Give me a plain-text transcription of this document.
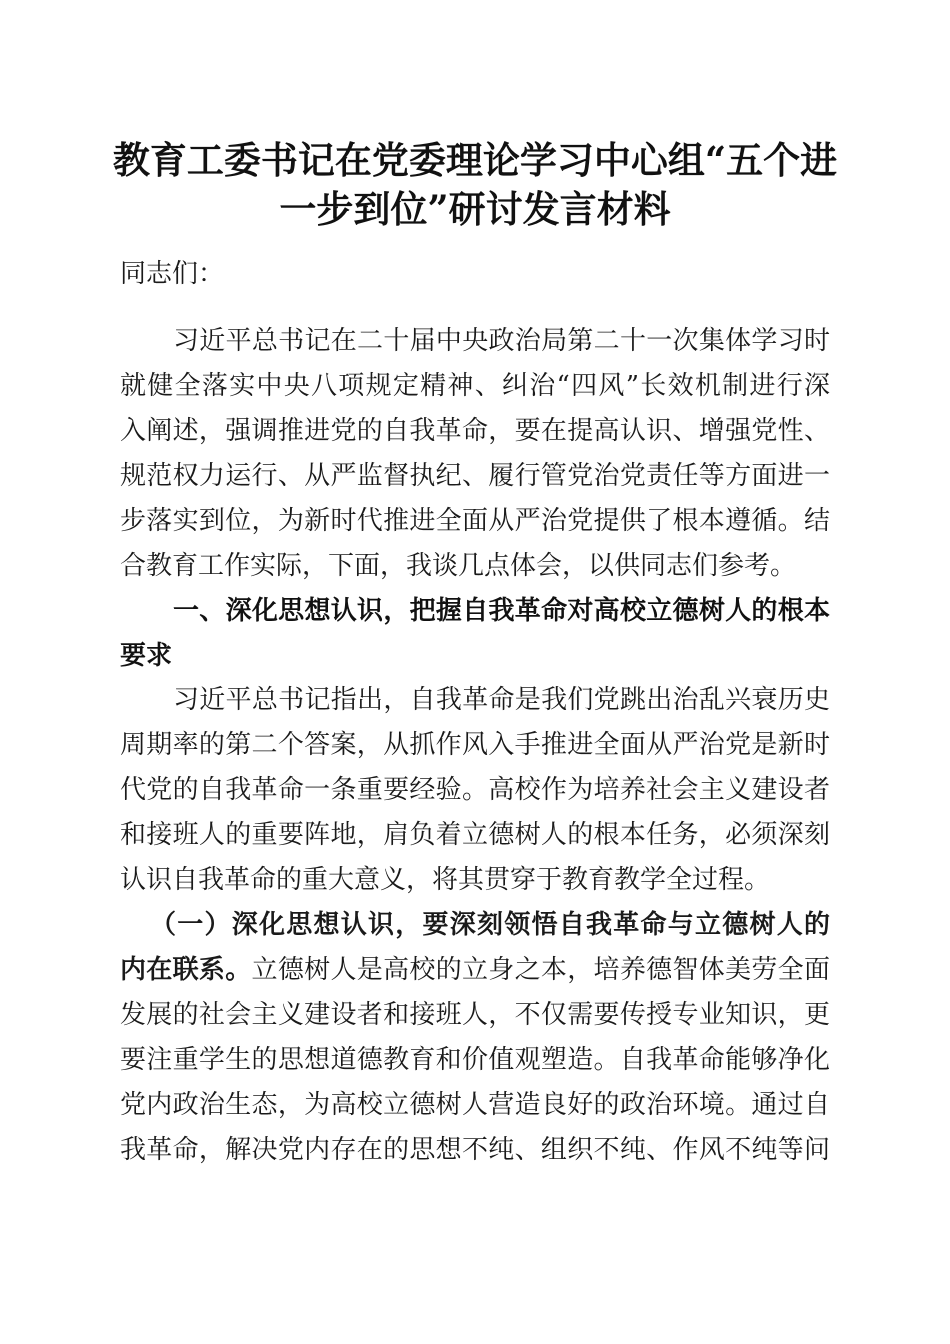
教育工委书记在党委理论学习中心组“五个进
一步到位”研讨发言材料
同志们：
习近平总书记在二十届中央政治局第二十一次集体学习时
就健全落实中央八项规定精神、纠治“四风”长效机制进行深
入阐述，强调推进党的自我革命，要在提高认识、增强党性、
规范权力运行、从严监督执纪、履行管党治党责任等方面进一
步落实到位，为新时代推进全面从严治党提供了根本遵循。结
合教育工作实际，下面，我谈几点体会，以供同志们参考。
一、深化思想认识，把握自我革命对高校立德树人的根本
要求
习近平总书记指出，自我革命是我们党跳出治乱兴衰历史
周期率的第二个答案，从抓作风入手推进全面从严治党是新时
代党的自我革命一条重要经验。高校作为培养社会主义建设者
和接班人的重要阵地，肩负着立德树人的根本任务，必须深刻
认识自我革命的重大意义，将其贯穿于教育教学全过程。
（一）深化思想认识，要深刻领悟自我革命与立德树人的
内在联系。立德树人是高校的立身之本，培养德智体美劳全面
发展的社会主义建设者和接班人，不仅需要传授专业知识，更
要注重学生的思想道德教育和价值观塑造。自我革命能够净化
党内政治生态，为高校立德树人营造良好的政治环境。通过自
我革命，解决党内存在的思想不纯、组织不纯、作风不纯等问
